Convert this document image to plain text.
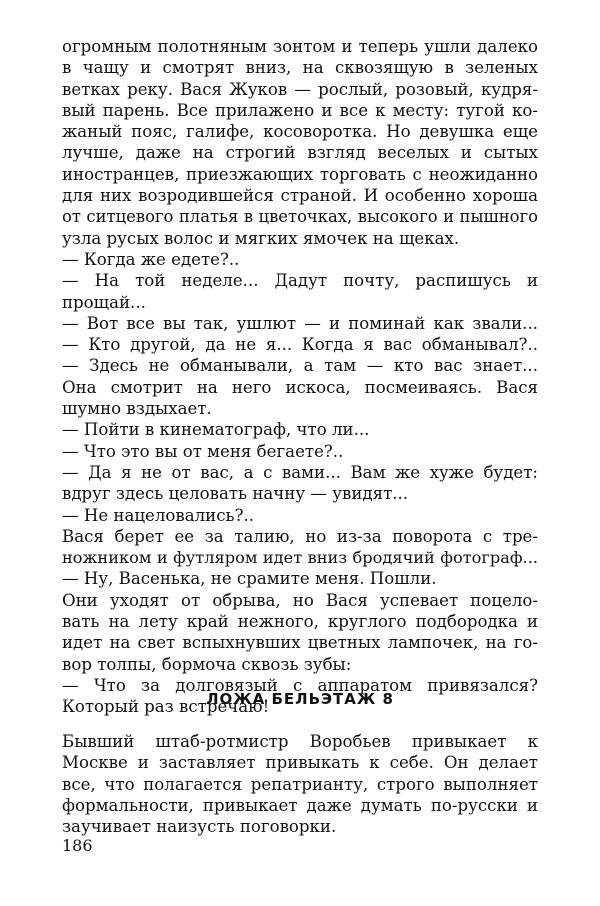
огромным полотняным зонтом и теперь ушли далеко
в чащу и смотрят вниз, на сквозящую в зеленых
ветках реку. Вася Жуков — рослый, розовый, кудря-
вый парень. Все прилажено и все к месту: тугой ко-
жаный пояс, галифе, косоворотка. Но девушка еще
лучше, даже на строгий взгляд веселых и сытых
иностранцев, приезжающих торговать с неожиданно
для них возродившейся страной. И особенно хороша
от ситцевого платья в цветочках, высокого и пышного
узла русых волос и мягких ямочек на щеках.
— Когда же едете?..
— На той неделе... Дадут почту, распишусь и
прощай...
— Вот все вы так, ушлют — и поминай как звали...
— Кто другой, да не я... Когда я вас обманывал?..
— Здесь не обманывали, а там — кто вас знает...
Она смотрит на него искоса, посмеиваясь. Вася
шумно вздыхает.
— Пойти в кинематограф, что ли...
— Что это вы от меня бегаете?..
— Да я не от вас, а с вами... Вам же хуже будет:
вдруг здесь целовать начну — увидят...
— Не нацеловались?..
Вася берет ее за талию, но из-за поворота с тре-
ножником и футляром идет вниз бродячий фотограф...
— Ну, Васенька, не срамите меня. Пошли.
Они уходят от обрыва, но Вася успевает поцело-
вать на лету край нежного, круглого подбородка и
идет на свет вспыхнувших цветных лампочек, на го-
вор толпы, бормоча сквозь зубы:
— Что за долговязый с аппаратом привязался?
Который раз встречаю!
ЛОЖА БЕЛЬЭТАЖ 8
Бывший штаб-ротмистр Воробьев привыкает к
Москве и заставляет привыкать к себе. Он делает
все, что полагается репатрианту, строго выполняет
формальности, привыкает даже думать по-русски и
заучивает наизусть поговорки.
186
